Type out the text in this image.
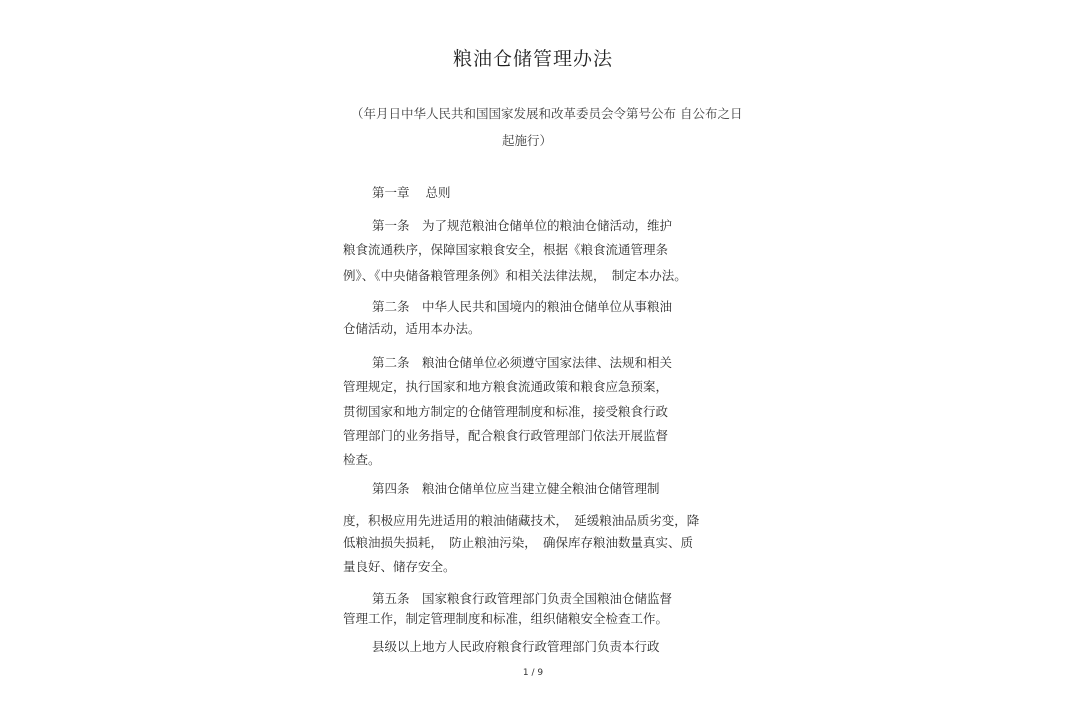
粮油仓储管理办法
（年月日中华人民共和国国家发展和改革委员会令第号公布 自公布之日
起施行）
第一章 总则
第一条　为了规范粮油仓储单位的粮油仓储活动，维护
粮食流通秩序，保障国家粮食安全，根据《粮食流通管理条
例》、《中央储备粮管理条例》和相关法律法规，　制定本办法。
第二条　中华人民共和国境内的粮油仓储单位从事粮油
仓储活动，适用本办法。
第二条　粮油仓储单位必须遵守国家法律、法规和相关
管理规定，执行国家和地方粮食流通政策和粮食应急预案，
贯彻国家和地方制定的仓储管理制度和标准，接受粮食行政
管理部门的业务指导，配合粮食行政管理部门依法开展监督
检查。
第四条　粮油仓储单位应当建立健全粮油仓储管理制
度，积极应用先进适用的粮油储藏技术，　延缓粮油品质劣变，降
低粮油损失损耗，　防止粮油污染，　确保库存粮油数量真实、质
量良好、储存安全。
第五条　国家粮食行政管理部门负责全国粮油仓储监督
管理工作，制定管理制度和标准，组织储粮安全检查工作。
县级以上地方人民政府粮食行政管理部门负责本行政
1 / 9
